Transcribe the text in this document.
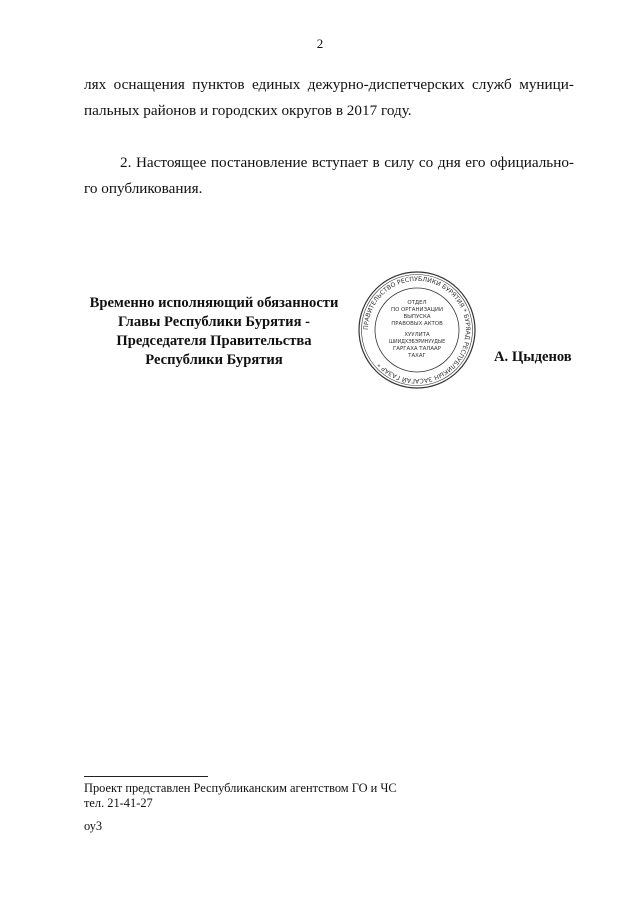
2
лях оснащения пунктов единых дежурно-диспетчерских служб муници-
пальных районов и городских округов в 2017 году.
2. Настоящее постановление вступает в силу со дня его официально-
го опубликования.
Временно исполняющий обязанности
Главы Республики Бурятия -
Председателя Правительства
Республики Бурятия
ПРАВИТЕЛЬСТВО РЕСПУБЛИКИ БУРЯТИЯ * БУРЯАД РЕСПУБЛИКЫН ЗАСАГАЙ ГАЗАР *
ОТДЕЛ
ПО ОРГАНИЗАЦИИ
ВЫПУСКА
ПРАВОВЫХ АКТОВ
ХУУЛИТА
ШИИДХЭБЭРИНУУДЫЕ
ГАРГАХА ТАЛААР
ТАХАГ	А. Цыденов
Проект представлен Республиканским агентством ГО и ЧС
тел. 21-41-27
оу3
